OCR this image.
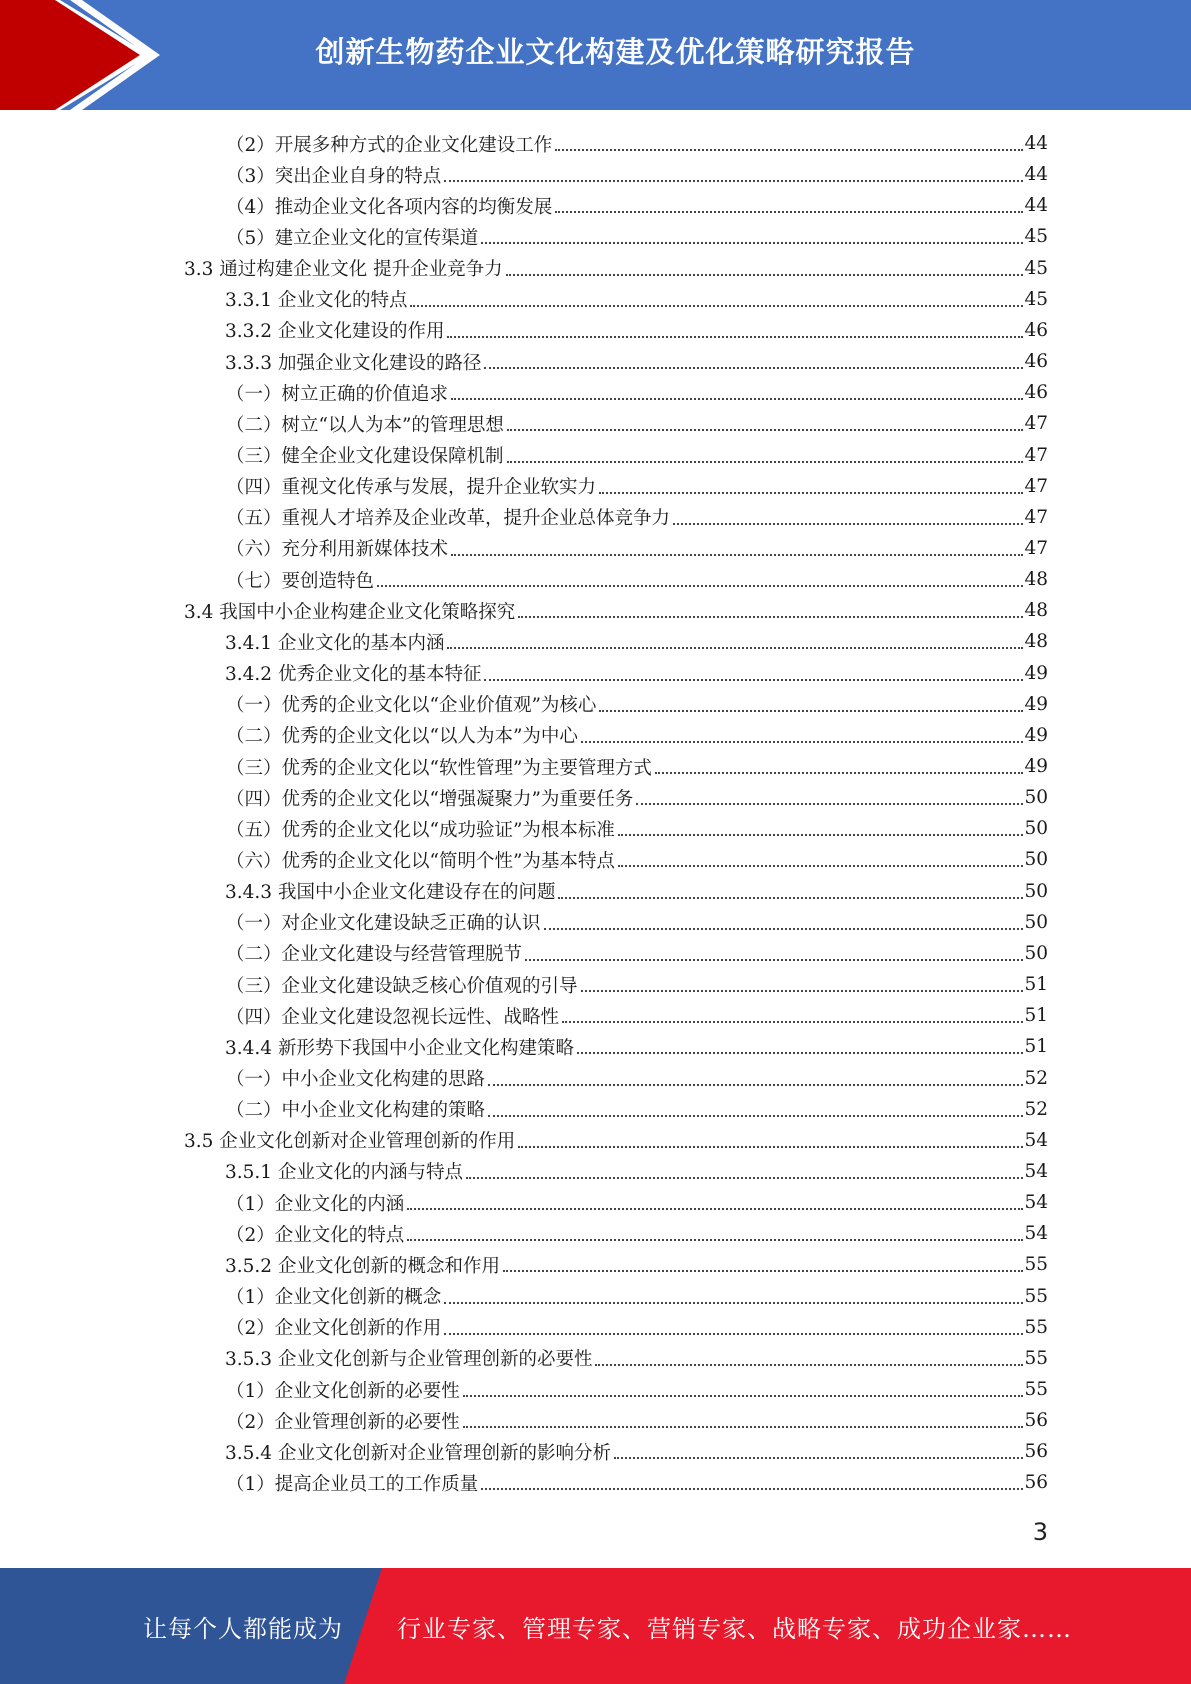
创新生物药企业文化构建及优化策略研究报告
（2）开展多种方式的企业文化建设工作	44
（3）突出企业自身的特点	44
（4）推动企业文化各项内容的均衡发展	44
（5）建立企业文化的宣传渠道	45
3.3 通过构建企业文化 提升企业竞争力	45
3.3.1 企业文化的特点	45
3.3.2 企业文化建设的作用	46
3.3.3 加强企业文化建设的路径	46
（一）树立正确的价值追求	46
（二）树立“以人为本”的管理思想	47
（三）健全企业文化建设保障机制	47
（四）重视文化传承与发展，提升企业软实力	47
（五）重视人才培养及企业改革，提升企业总体竞争力	47
（六）充分利用新媒体技术	47
（七）要创造特色	48
3.4 我国中小企业构建企业文化策略探究	48
3.4.1 企业文化的基本内涵	48
3.4.2 优秀企业文化的基本特征	49
（一）优秀的企业文化以“企业价值观”为核心	49
（二）优秀的企业文化以“以人为本”为中心	49
（三）优秀的企业文化以“软性管理”为主要管理方式	49
（四）优秀的企业文化以“增强凝聚力”为重要任务	50
（五）优秀的企业文化以“成功验证”为根本标准	50
（六）优秀的企业文化以“简明个性”为基本特点	50
3.4.3 我国中小企业文化建设存在的问题	50
（一）对企业文化建设缺乏正确的认识	50
（二）企业文化建设与经营管理脱节	50
（三）企业文化建设缺乏核心价值观的引导	51
（四）企业文化建设忽视长远性、战略性	51
3.4.4 新形势下我国中小企业文化构建策略	51
（一）中小企业文化构建的思路	52
（二）中小企业文化构建的策略	52
3.5 企业文化创新对企业管理创新的作用	54
3.5.1 企业文化的内涵与特点	54
（1）企业文化的内涵	54
（2）企业文化的特点	54
3.5.2 企业文化创新的概念和作用	55
（1）企业文化创新的概念	55
（2）企业文化创新的作用	55
3.5.3 企业文化创新与企业管理创新的必要性	55
（1）企业文化创新的必要性	55
（2）企业管理创新的必要性	56
3.5.4 企业文化创新对企业管理创新的影响分析	56
（1）提高企业员工的工作质量	56
3
让每个人都能成为 行业专家、管理专家、营销专家、战略专家、成功企业家……
